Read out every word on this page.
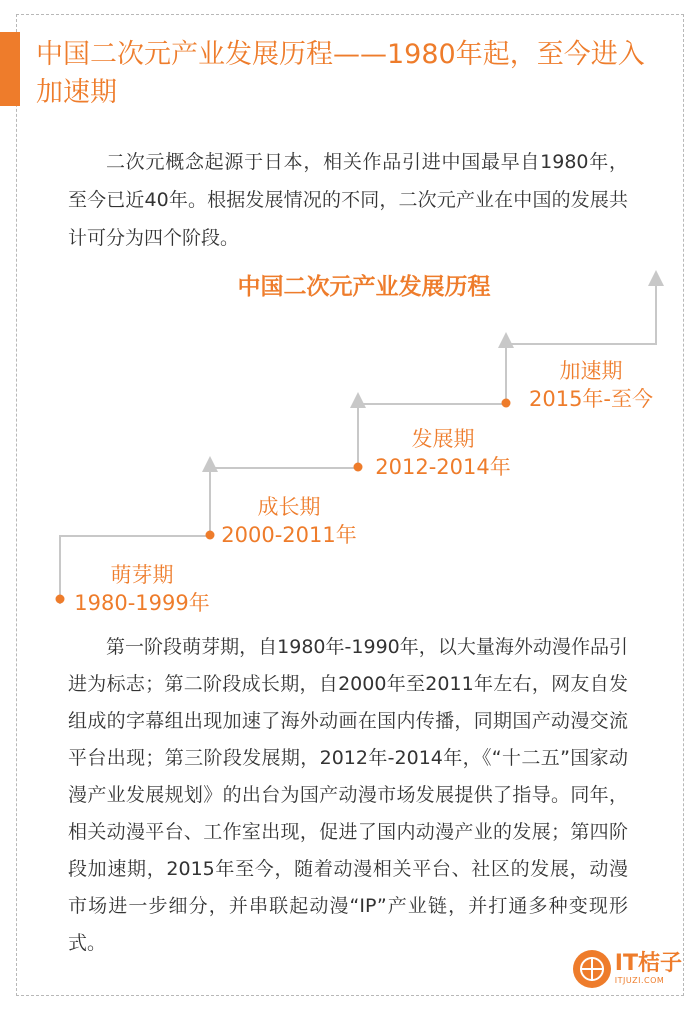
中国二次元产业发展历程——1980年起，至今进入加速期

二次元概念起源于日本，相关作品引进中国最早自1980年，至今已近40年。根据发展情况的不同，二次元产业在中国的发展共计可分为四个阶段。

中国二次元产业发展历程
萌芽期
1980-1999年
成长期
2000-2011年
发展期
2012-2014年
加速期
2015年-至今

第一阶段萌芽期，自1980年-1990年，以大量海外动漫作品引进为标志；第二阶段成长期，自2000年至2011年左右，网友自发组成的字幕组出现加速了海外动画在国内传播，同期国产动漫交流平台出现；第三阶段发展期，2012年-2014年，《“十二五”国家动漫产业发展规划》的出台为国产动漫市场发展提供了指导。同年，相关动漫平台、工作室出现，促进了国内动漫产业的发展；第四阶段加速期，2015年至今，随着动漫相关平台、社区的发展，动漫市场进一步细分，并串联起动漫“IP”产业链，并打通多种变现形式。

IT桔子
ITJUZI.COM
